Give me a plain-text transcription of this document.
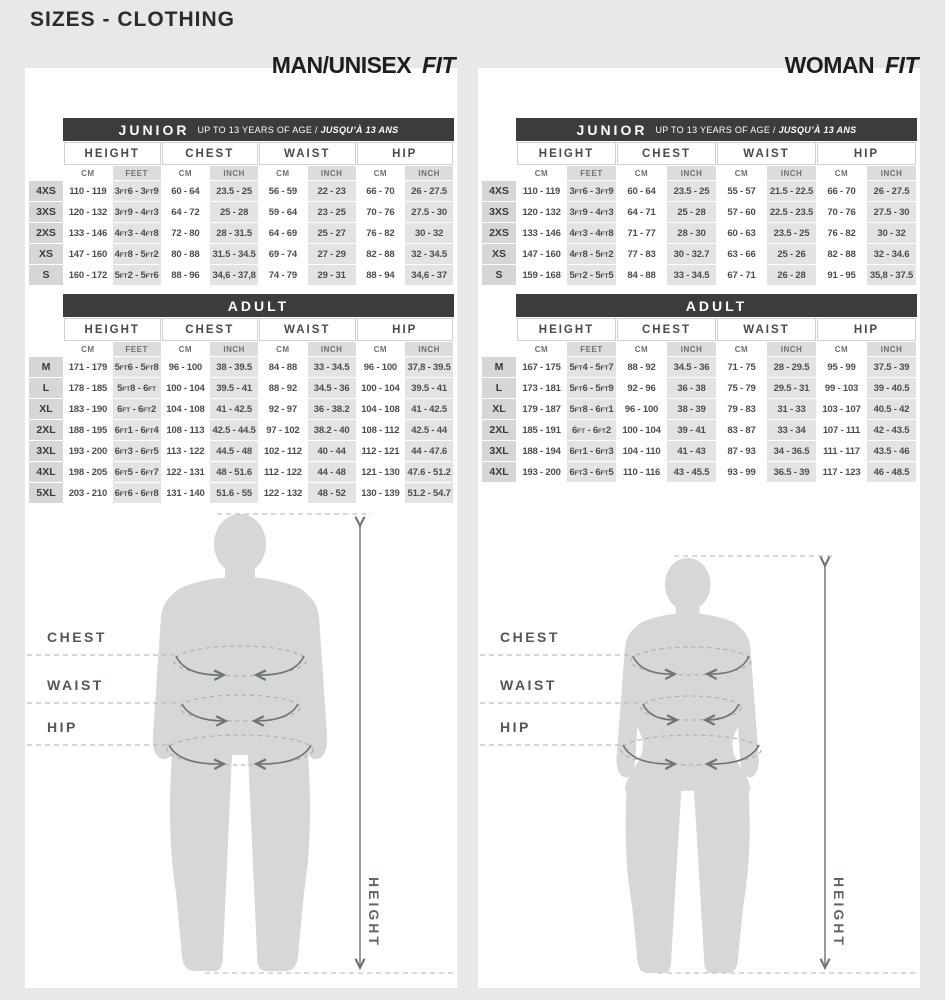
SIZES - CLOTHING
MAN/UNISEX FIT
JUNIOR UP TO 13 YEARS OF AGE / JUSQU’À 13 ANS
	HEIGHT		CHEST		WAIST		HIP	
	CM	FEET	CM	INCH	CM	INCH	CM	INCH
4XS	110 - 119	3FT6 - 3FT9	60 - 64	23.5 - 25	56 - 59	22 - 23	66 - 70	26 - 27.5
3XS	120 - 132	3FT9 - 4FT3	64 - 72	25 - 28	59 - 64	23 - 25	70 - 76	27.5 - 30
2XS	133 - 146	4FT3 - 4FT8	72 - 80	28 - 31.5	64 - 69	25 - 27	76 - 82	30 - 32
XS	147 - 160	4FT8 - 5FT2	80 - 88	31.5 - 34.5	69 - 74	27 - 29	82 - 88	32 - 34.5
S	160 - 172	5FT2 - 5FT6	88 - 96	34,6 - 37,8	74 - 79	29 - 31	88 - 94	34,6 - 37
ADULT
	HEIGHT		CHEST		WAIST		HIP	
	CM	FEET	CM	INCH	CM	INCH	CM	INCH
M	171 - 179	5FT6 - 5FT8	96 - 100	38 - 39.5	84 - 88	33 - 34.5	96 - 100	37,8 - 39.5
L	178 - 185	5FT8 - 6FT	100 - 104	39.5 - 41	88 - 92	34.5 - 36	100 - 104	39.5 - 41
XL	183 - 190	6FT - 6FT2	104 - 108	41 - 42.5	92 - 97	36 - 38.2	104 - 108	41 - 42.5
2XL	188 - 195	6FT1 - 6FT4	108 - 113	42.5 - 44.5	97 - 102	38.2 - 40	108 - 112	42.5 - 44
3XL	193 - 200	6FT3 - 6FT5	113 - 122	44.5 - 48	102 - 112	40 - 44	112 - 121	44 - 47.6
4XL	198 - 205	6FT5 - 6FT7	122 - 131	48 - 51.6	112 - 122	44 - 48	121 - 130	47.6 - 51.2
5XL	203 - 210	6FT6 - 6FT8	131 - 140	51.6 - 55	122 - 132	48 - 52	130 - 139	51.2 - 54.7
HEIGHT
CHEST
WAIST
HIP
WOMAN FIT
JUNIOR UP TO 13 YEARS OF AGE / JUSQU’À 13 ANS
	HEIGHT		CHEST		WAIST		HIP	
	CM	FEET	CM	INCH	CM	INCH	CM	INCH
4XS	110 - 119	3FT6 - 3FT9	60 - 64	23.5 - 25	55 - 57	21.5 - 22.5	66 - 70	26 - 27.5
3XS	120 - 132	3FT9 - 4FT3	64 - 71	25 - 28	57 - 60	22.5 - 23.5	70 - 76	27.5 - 30
2XS	133 - 146	4FT3 - 4FT8	71 - 77	28 - 30	60 - 63	23.5 - 25	76 - 82	30 - 32
XS	147 - 160	4FT8 - 5FT2	77 - 83	30 - 32.7	63 - 66	25 - 26	82 - 88	32 - 34.6
S	159 - 168	5FT2 - 5FT5	84 - 88	33 - 34.5	67 - 71	26 - 28	91 - 95	35,8 - 37.5
ADULT
	HEIGHT		CHEST		WAIST		HIP	
	CM	FEET	CM	INCH	CM	INCH	CM	INCH
M	167 - 175	5FT4 - 5FT7	88 - 92	34.5 - 36	71 - 75	28 - 29.5	95 - 99	37.5 - 39
L	173 - 181	5FT6 - 5FT9	92 - 96	36 - 38	75 - 79	29.5 - 31	99 - 103	39 - 40.5
XL	179 - 187	5FT8 - 6FT1	96 - 100	38 - 39	79 - 83	31 - 33	103 - 107	40.5 - 42
2XL	185 - 191	6FT - 6FT2	100 - 104	39 - 41	83 - 87	33 - 34	107 - 111	42 - 43.5
3XL	188 - 194	6FT1 - 6FT3	104 - 110	41 - 43	87 - 93	34 - 36.5	111 - 117	43.5 - 46
4XL	193 - 200	6FT3 - 6FT5	110 - 116	43 - 45.5	93 - 99	36.5 - 39	117 - 123	46 - 48.5
HEIGHT
CHEST
WAIST
HIP
